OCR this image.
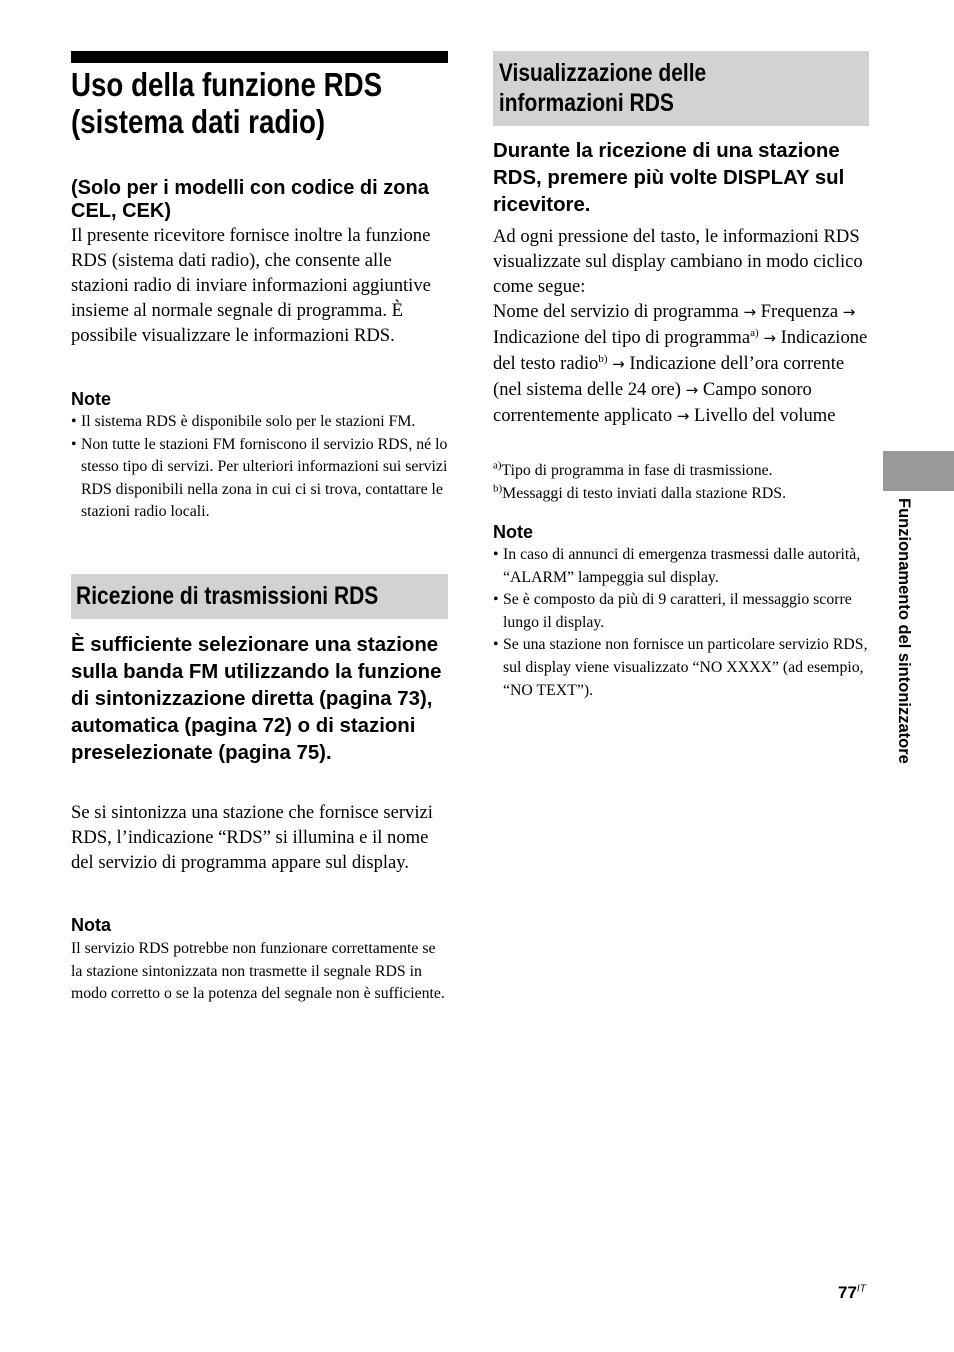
Uso della funzione RDS
(sistema dati radio)
(Solo per i modelli con codice di zona CEL, CEK)

Il presente ricevitore fornisce inoltre la funzione RDS (sistema dati radio), che consente alle stazioni radio di inviare informazioni aggiuntive insieme al normale segnale di programma. È possibile visualizzare le informazioni RDS.

Note
• Il sistema RDS è disponibile solo per le stazioni FM.
• Non tutte le stazioni FM forniscono il servizio RDS, né lo stesso tipo di servizi. Per ulteriori informazioni sui servizi RDS disponibili nella zona in cui ci si trova, contattare le stazioni radio locali.
Ricezione di trasmissioni RDS
È sufficiente selezionare una stazione sulla banda FM utilizzando la funzione di sintonizzazione diretta (pagina 73), automatica (pagina 72) o di stazioni preselezionate (pagina 75).

Se si sintonizza una stazione che fornisce servizi RDS, l’indicazione “RDS” si illumina e il nome del servizio di programma appare sul display.

Nota

Il servizio RDS potrebbe non funzionare correttamente se la stazione sintonizzata non trasmette il segnale RDS in modo corretto o se la potenza del segnale non è sufficiente.

Visualizzazione delle
informazioni RDS
Durante la ricezione di una stazione RDS, premere più volte DISPLAY sul ricevitore.

Ad ogni pressione del tasto, le informazioni RDS visualizzate sul display cambiano in modo ciclico come segue:
Nome del servizio di programma → Frequenza → Indicazione del tipo di programma$^{a)}$ → Indicazione del testo radio$^{b)}$ → Indicazione dell’ora corrente (nel sistema delle 24 ore) → Campo sonoro correntemente applicato → Livello del volume

$^{a)}$Tipo di programma in fase di trasmissione.
$^{b)}$Messaggi di testo inviati dalla stazione RDS.
Note
• In caso di annunci di emergenza trasmessi dalle autorità, “ALARM” lampeggia sul display.
• Se è composto da più di 9 caratteri, il messaggio scorre lungo il display.
• Se una stazione non fornisce un particolare servizio RDS, sul display viene visualizzato “NO XXXX” (ad esempio, “NO TEXT”).	Funzionamento del sintonizzatore
$77^{IT}$
